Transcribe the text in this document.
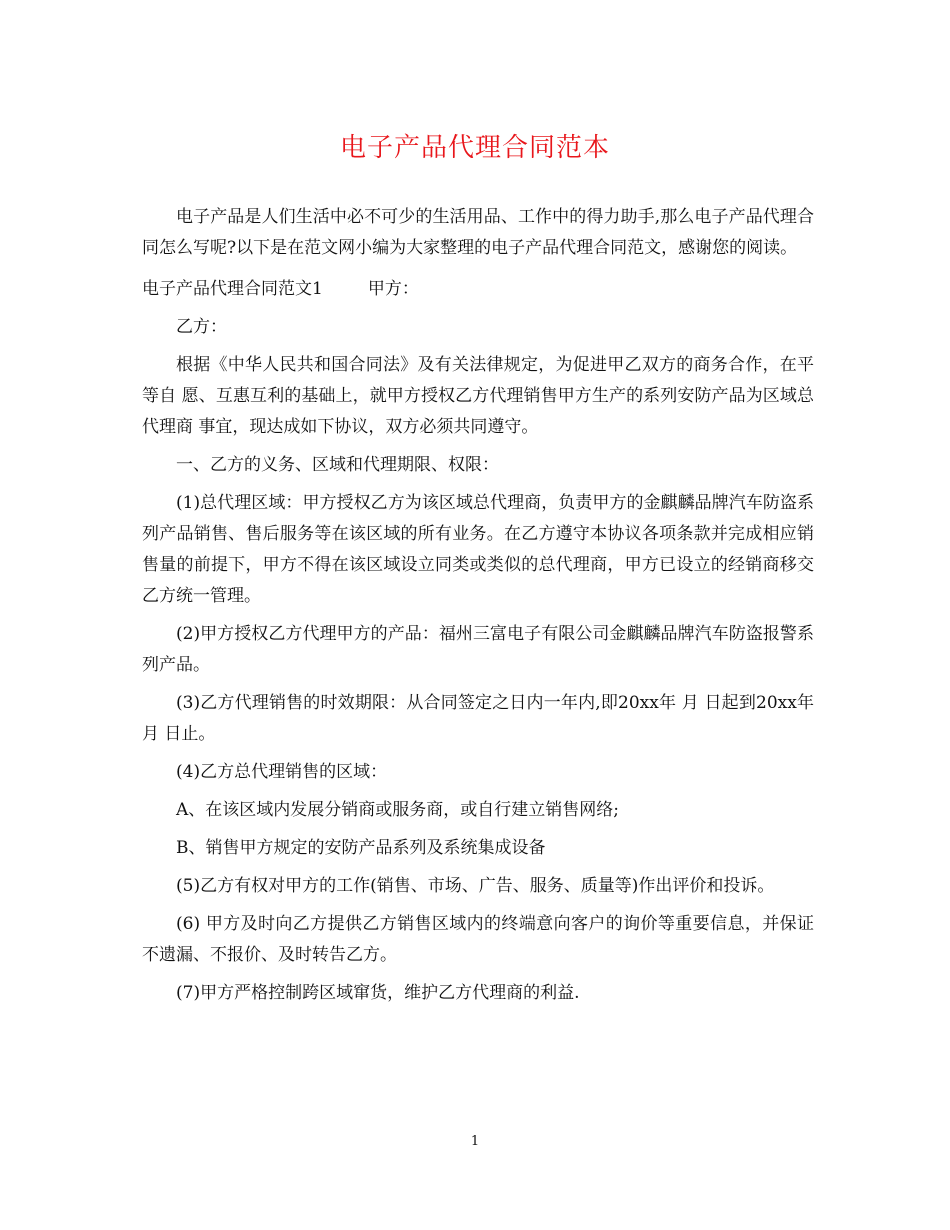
电子产品代理合同范本

电子产品是人们生活中必不可少的生活用品、工作中的得力助手,那么电子产品代理合同怎么写呢?以下是在范文网小编为大家整理的电子产品代理合同范文，感谢您的阅读。

电子产品代理合同范文1	甲方：

乙方：

根据《中华人民共和国合同法》及有关法律规定，为促进甲乙双方的商务合作，在平等自 愿、互惠互利的基础上，就甲方授权乙方代理销售甲方生产的系列安防产品为区域总代理商 事宜，现达成如下协议，双方必须共同遵守。

一、乙方的义务、区域和代理期限、权限：

(1)总代理区域：甲方授权乙方为该区域总代理商，负责甲方的金麒麟品牌汽车防盗系列产品销售、售后服务等在该区域的所有业务。在乙方遵守本协议各项条款并完成相应销售量的前提下，甲方不得在该区域设立同类或类似的总代理商，甲方已设立的经销商移交乙方统一管理。

(2)甲方授权乙方代理甲方的产品：福州三富电子有限公司金麒麟品牌汽车防盗报警系列产品。

(3)乙方代理销售的时效期限：从合同签定之日内一年内,即20xx年 月 日起到20xx年 月 日止。

(4)乙方总代理销售的区域：

A、在该区域内发展分销商或服务商，或自行建立销售网络;

B、销售甲方规定的安防产品系列及系统集成设备

(5)乙方有权对甲方的工作(销售、市场、广告、服务、质量等)作出评价和投诉。

(6) 甲方及时向乙方提供乙方销售区域内的终端意向客户的询价等重要信息，并保证不遗漏、不报价、及时转告乙方。

(7)甲方严格控制跨区域窜货，维护乙方代理商的利益.

1
